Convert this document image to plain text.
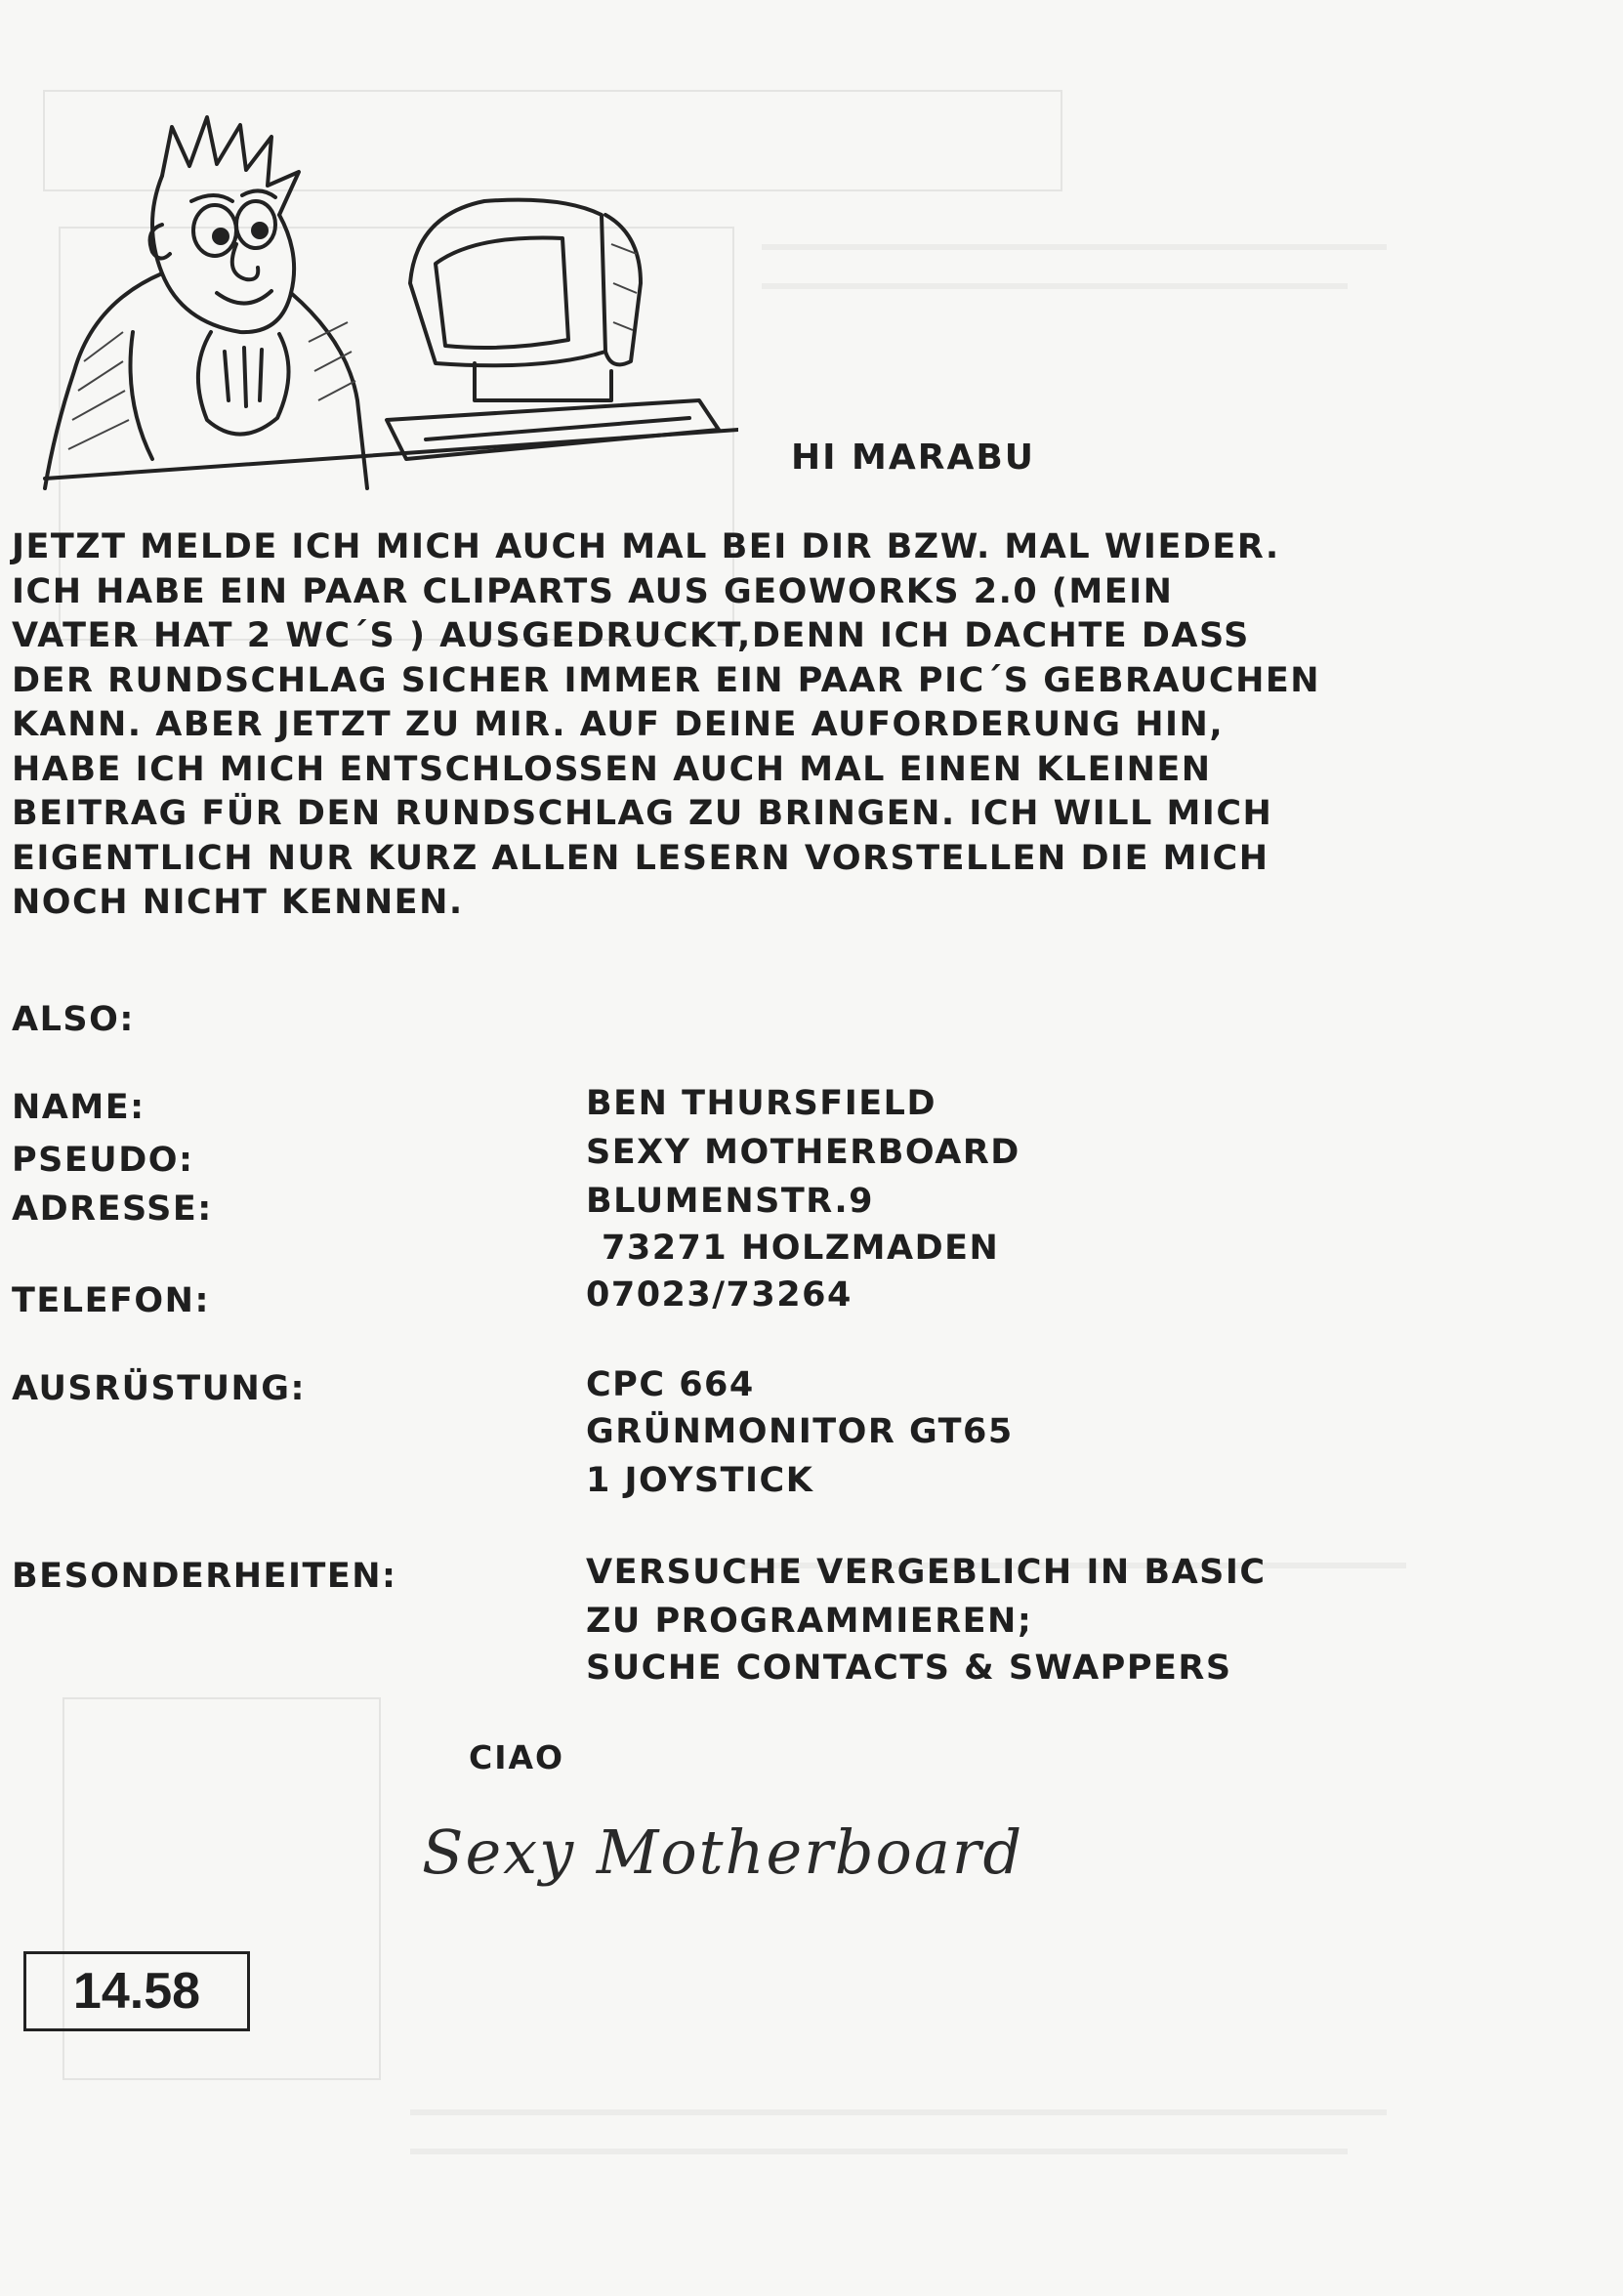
HI MARABU
JETZT MELDE ICH MICH AUCH MAL BEI DIR BZW. MAL WIEDER.
ICH HABE EIN PAAR CLIPARTS AUS GEOWORKS 2.0 (MEIN
VATER HAT 2 WC´S ) AUSGEDRUCKT,DENN ICH DACHTE DASS
DER RUNDSCHLAG SICHER IMMER EIN PAAR PIC´S GEBRAUCHEN
KANN. ABER JETZT ZU MIR. AUF DEINE AUFORDERUNG HIN,
HABE ICH MICH ENTSCHLOSSEN AUCH MAL EINEN KLEINEN
BEITRAG FÜR DEN RUNDSCHLAG ZU BRINGEN. ICH WILL MICH
EIGENTLICH NUR KURZ ALLEN LESERN VORSTELLEN DIE MICH
NOCH NICHT KENNEN.
ALSO:
NAME:	BEN THURSFIELD
PSEUDO:	SEXY MOTHERBOARD
ADRESSE:	BLUMENSTR.9
73271 HOLZMADEN
TELEFON:	07023/73264
AUSRÜSTUNG:	CPC 664
GRÜNMONITOR GT65
1 JOYSTICK
BESONDERHEITEN:	VERSUCHE VERGEBLICH IN BASIC
ZU PROGRAMMIEREN;
SUCHE CONTACTS & SWAPPERS
CIAO
Sexy Motherboard
14.58
